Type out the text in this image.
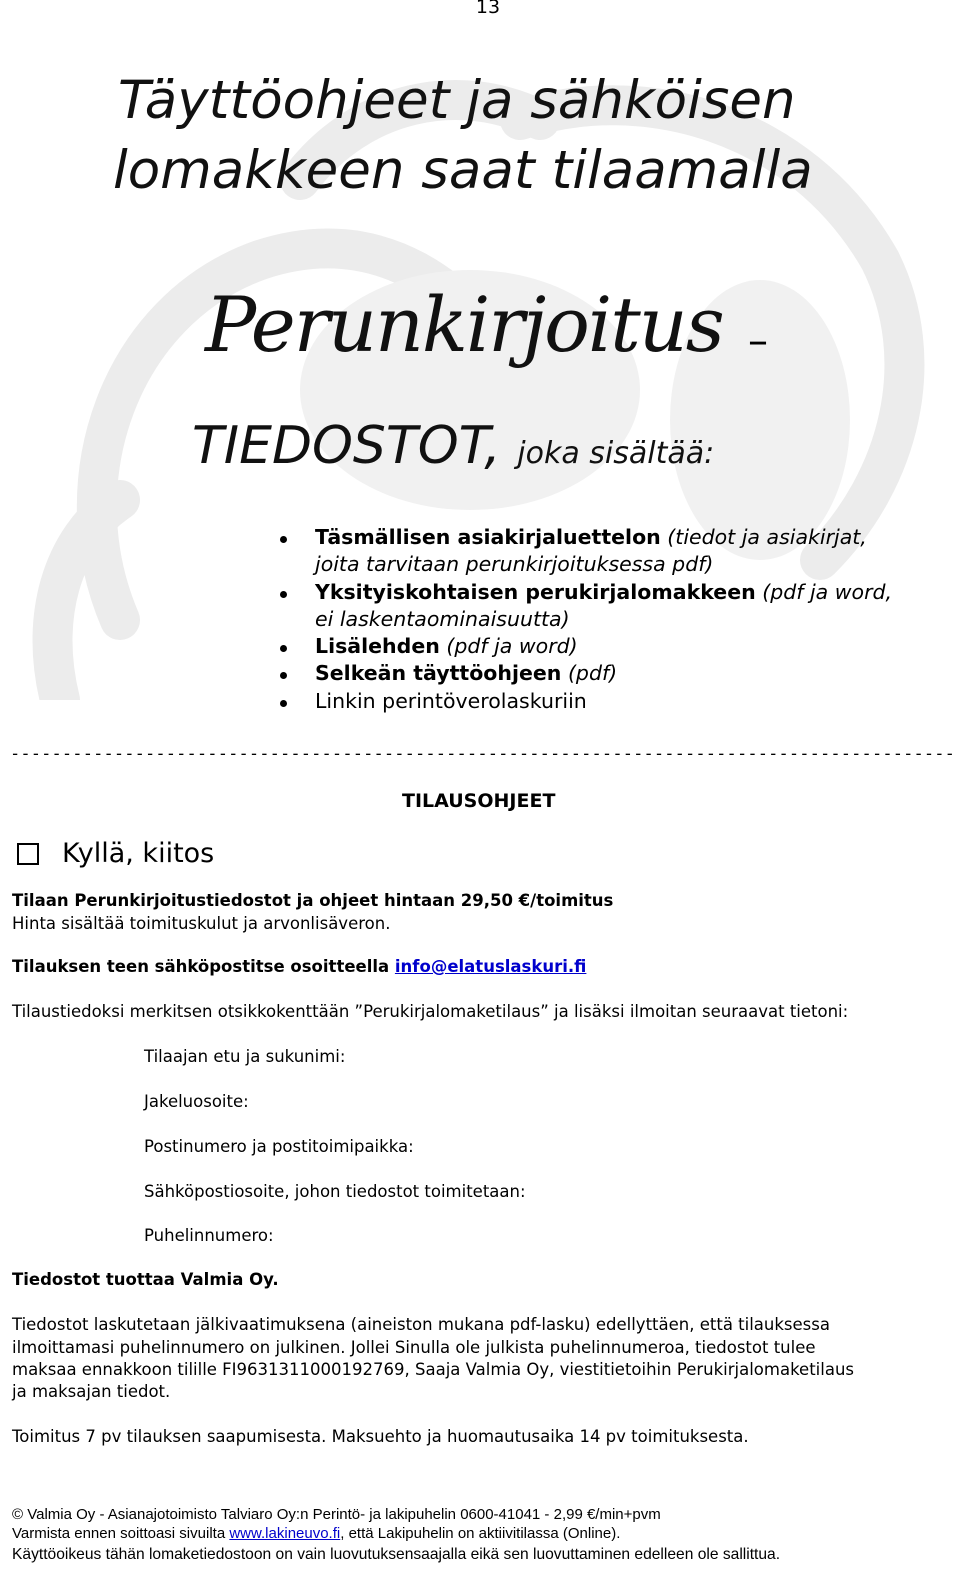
13
Täyttöohjeet ja sähköisen
lomakkeen saat tilaamalla
Perunkirjoitus –
TIEDOSTOT, joka sisältää:
Täsmällisen asiakirjaluettelon (tiedot ja asiakirjat,
joita tarvitaan perunkirjoituksessa pdf)
Yksityiskohtaisen perukirjalomakkeen (pdf ja word,
ei laskentaominaisuutta)
Lisälehden (pdf ja word)
Selkeän täyttöohjeen (pdf)
Linkin perintöverolaskuriin
-------------------------------------------------------------------------------------------
TILAUSOHJEET
Kyllä, kiitos
Tilaan Perunkirjoitustiedostot ja ohjeet hintaan 29,50 €/toimitus
Hinta sisältää toimituskulut ja arvonlisäveron.
Tilauksen teen sähköpostitse osoitteella info@elatuslaskuri.fi
Tilaustiedoksi merkitsen otsikkokenttään ”Perukirjalomaketilaus” ja lisäksi ilmoitan seuraavat tietoni:
Tilaajan etu ja sukunimi:
Jakeluosoite:
Postinumero ja postitoimipaikka:
Sähköpostiosoite, johon tiedostot toimitetaan:
Puhelinnumero:
Tiedostot tuottaa Valmia Oy.
Tiedostot laskutetaan jälkivaatimuksena (aineiston mukana pdf-lasku) edellyttäen, että tilauksessa
ilmoittamasi puhelinnumero on julkinen. Jollei Sinulla ole julkista puhelinnumeroa, tiedostot tulee
maksaa ennakkoon tilille FI9631311000192769, Saaja Valmia Oy, viestitietoihin Perukirjalomaketilaus
ja maksajan tiedot.
Toimitus 7 pv tilauksen saapumisesta. Maksuehto ja huomautusaika 14 pv toimituksesta.
© Valmia Oy - Asianajotoimisto Talviaro Oy:n Perintö- ja lakipuhelin 0600-41041 - 2,99 €/min+pvm
Varmista ennen soittoasi sivuilta www.lakineuvo.fi, että Lakipuhelin on aktiivitilassa (Online).
Käyttöoikeus tähän lomaketiedostoon on vain luovutuksensaajalla eikä sen luovuttaminen edelleen ole sallittua.
